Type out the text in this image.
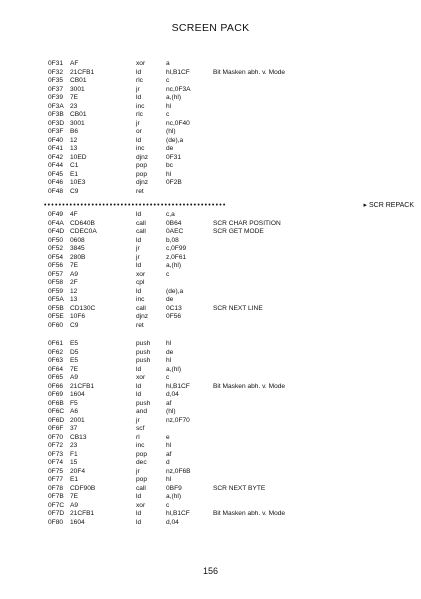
SCREEN PACK
0F31 AF	xor	a
0F32 21CFB1	ld	hl,B1CF	Bit Masken abh. v. Mode
0F35 CB01	rlc	c
0F37 3001	jr	nc,0F3A
0F39 7E	ld	a,(hl)
0F3A 23	inc	hl
0F3B CB01	rlc	c
0F3D 3001	jr	nc,0F40
0F3F B6	or	(hl)
0F40 12	ld	(de),a
0F41 13	inc	de
0F42 10ED	djnz	0F31
0F44 C1	pop	bc
0F45 E1	pop	hl
0F46 10E3	djnz	0F2B
0F48 C9	ret
••••••••••••••••••••••••••••••••••••••••••••••••••	▸ SCR REPACK
0F49 4F	ld	c,a
0F4A CD640B	call	0B64	SCR CHAR POSITION
0F4D CDEC0A	call	0AEC	SCR GET MODE
0F50 0608	ld	b,08
0F52 3845	jr	c,0F99
0F54 280B	jr	z,0F61
0F56 7E	ld	a,(hl)
0F57 A9	xor	c
0F58 2F	cpl
0F59 12	ld	(de),a
0F5A 13	inc	de
0F5B CD130C	call	0C13	SCR NEXT LINE
0F5E 10F6	djnz	0F56
0F60 C9	ret
0F61 E5	push hl
0F62 D5	push de
0F63 E5	push hl
0F64 7E	ld	a,(hl)
0F65 A9	xor	c
0F66 21CFB1	ld	hl,B1CF	Bit Masken abh. v. Mode
0F69 1604	ld	d,04
0F6B F5	push af
0F6C A6	and	(hl)
0F6D 2001	jr	nz,0F70
0F6F 37	scf
0F70 CB13	rl	e
0F72 23	inc	hl
0F73 F1	pop	af
0F74 15	dec	d
0F75 20F4	jr	nz,0F6B
0F77 E1	pop	hl
0F78 CDF90B	call	0BF9	SCR NEXT BYTE
0F7B 7E	ld	a,(hl)
0F7C A9	xor	c
0F7D 21CFB1	ld	hl,B1CF	Bit Masken abh. v. Mode
0F80 1604	ld	d,04
156
